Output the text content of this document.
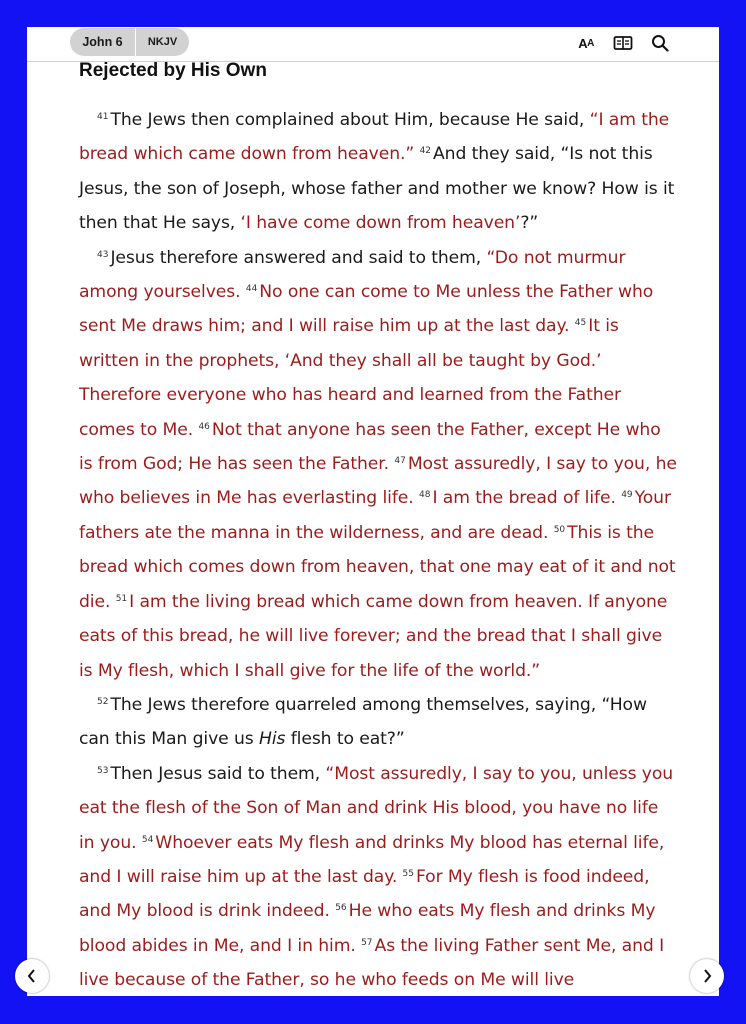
John 6	NKJV	A A
Rejected by His Own

$^{41}$ The Jews then complained about Him, because He said, “I am the bread which came down from heaven.” $^{42}$ And they said, “Is not this Jesus, the son of Joseph, whose father and mother we know? How is it then that He says, ‘I have come down from heaven’?”

$^{43}$ Jesus therefore answered and said to them, “Do not murmur among yourselves. $^{44}$ No one can come to Me unless the Father who sent Me draws him; and I will raise him up at the last day. $^{45}$ It is written in the prophets, ‘And they shall all be taught by God.’ Therefore everyone who has heard and learned from the Father comes to Me. $^{46}$ Not that anyone has seen the Father, except He who is from God; He has seen the Father. $^{47}$ Most assuredly, I say to you, he who believes in Me has everlasting life. $^{48}$ I am the bread of life. $^{49}$ Your fathers ate the manna in the wilderness, and are dead. $^{50}$ This is the bread which comes down from heaven, that one may eat of it and not die. $^{51}$ I am the living bread which came down from heaven. If anyone eats of this bread, he will live forever; and the bread that I shall give is My flesh, which I shall give for the life of the world.”

$^{52}$ The Jews therefore quarreled among themselves, saying, “How can this Man give us His flesh to eat?”

$^{53}$ Then Jesus said to them, “Most assuredly, I say to you, unless you eat the flesh of the Son of Man and drink His blood, you have no life in you. $^{54}$ Whoever eats My flesh and drinks My blood has eternal life, and I will raise him up at the last day. $^{55}$ For My flesh is food indeed, and My blood is drink indeed. $^{56}$ He who eats My flesh and drinks My blood abides in Me, and I in him. $^{57}$ As the living Father sent Me, and I live because of the Father, so he who feeds on Me will live
